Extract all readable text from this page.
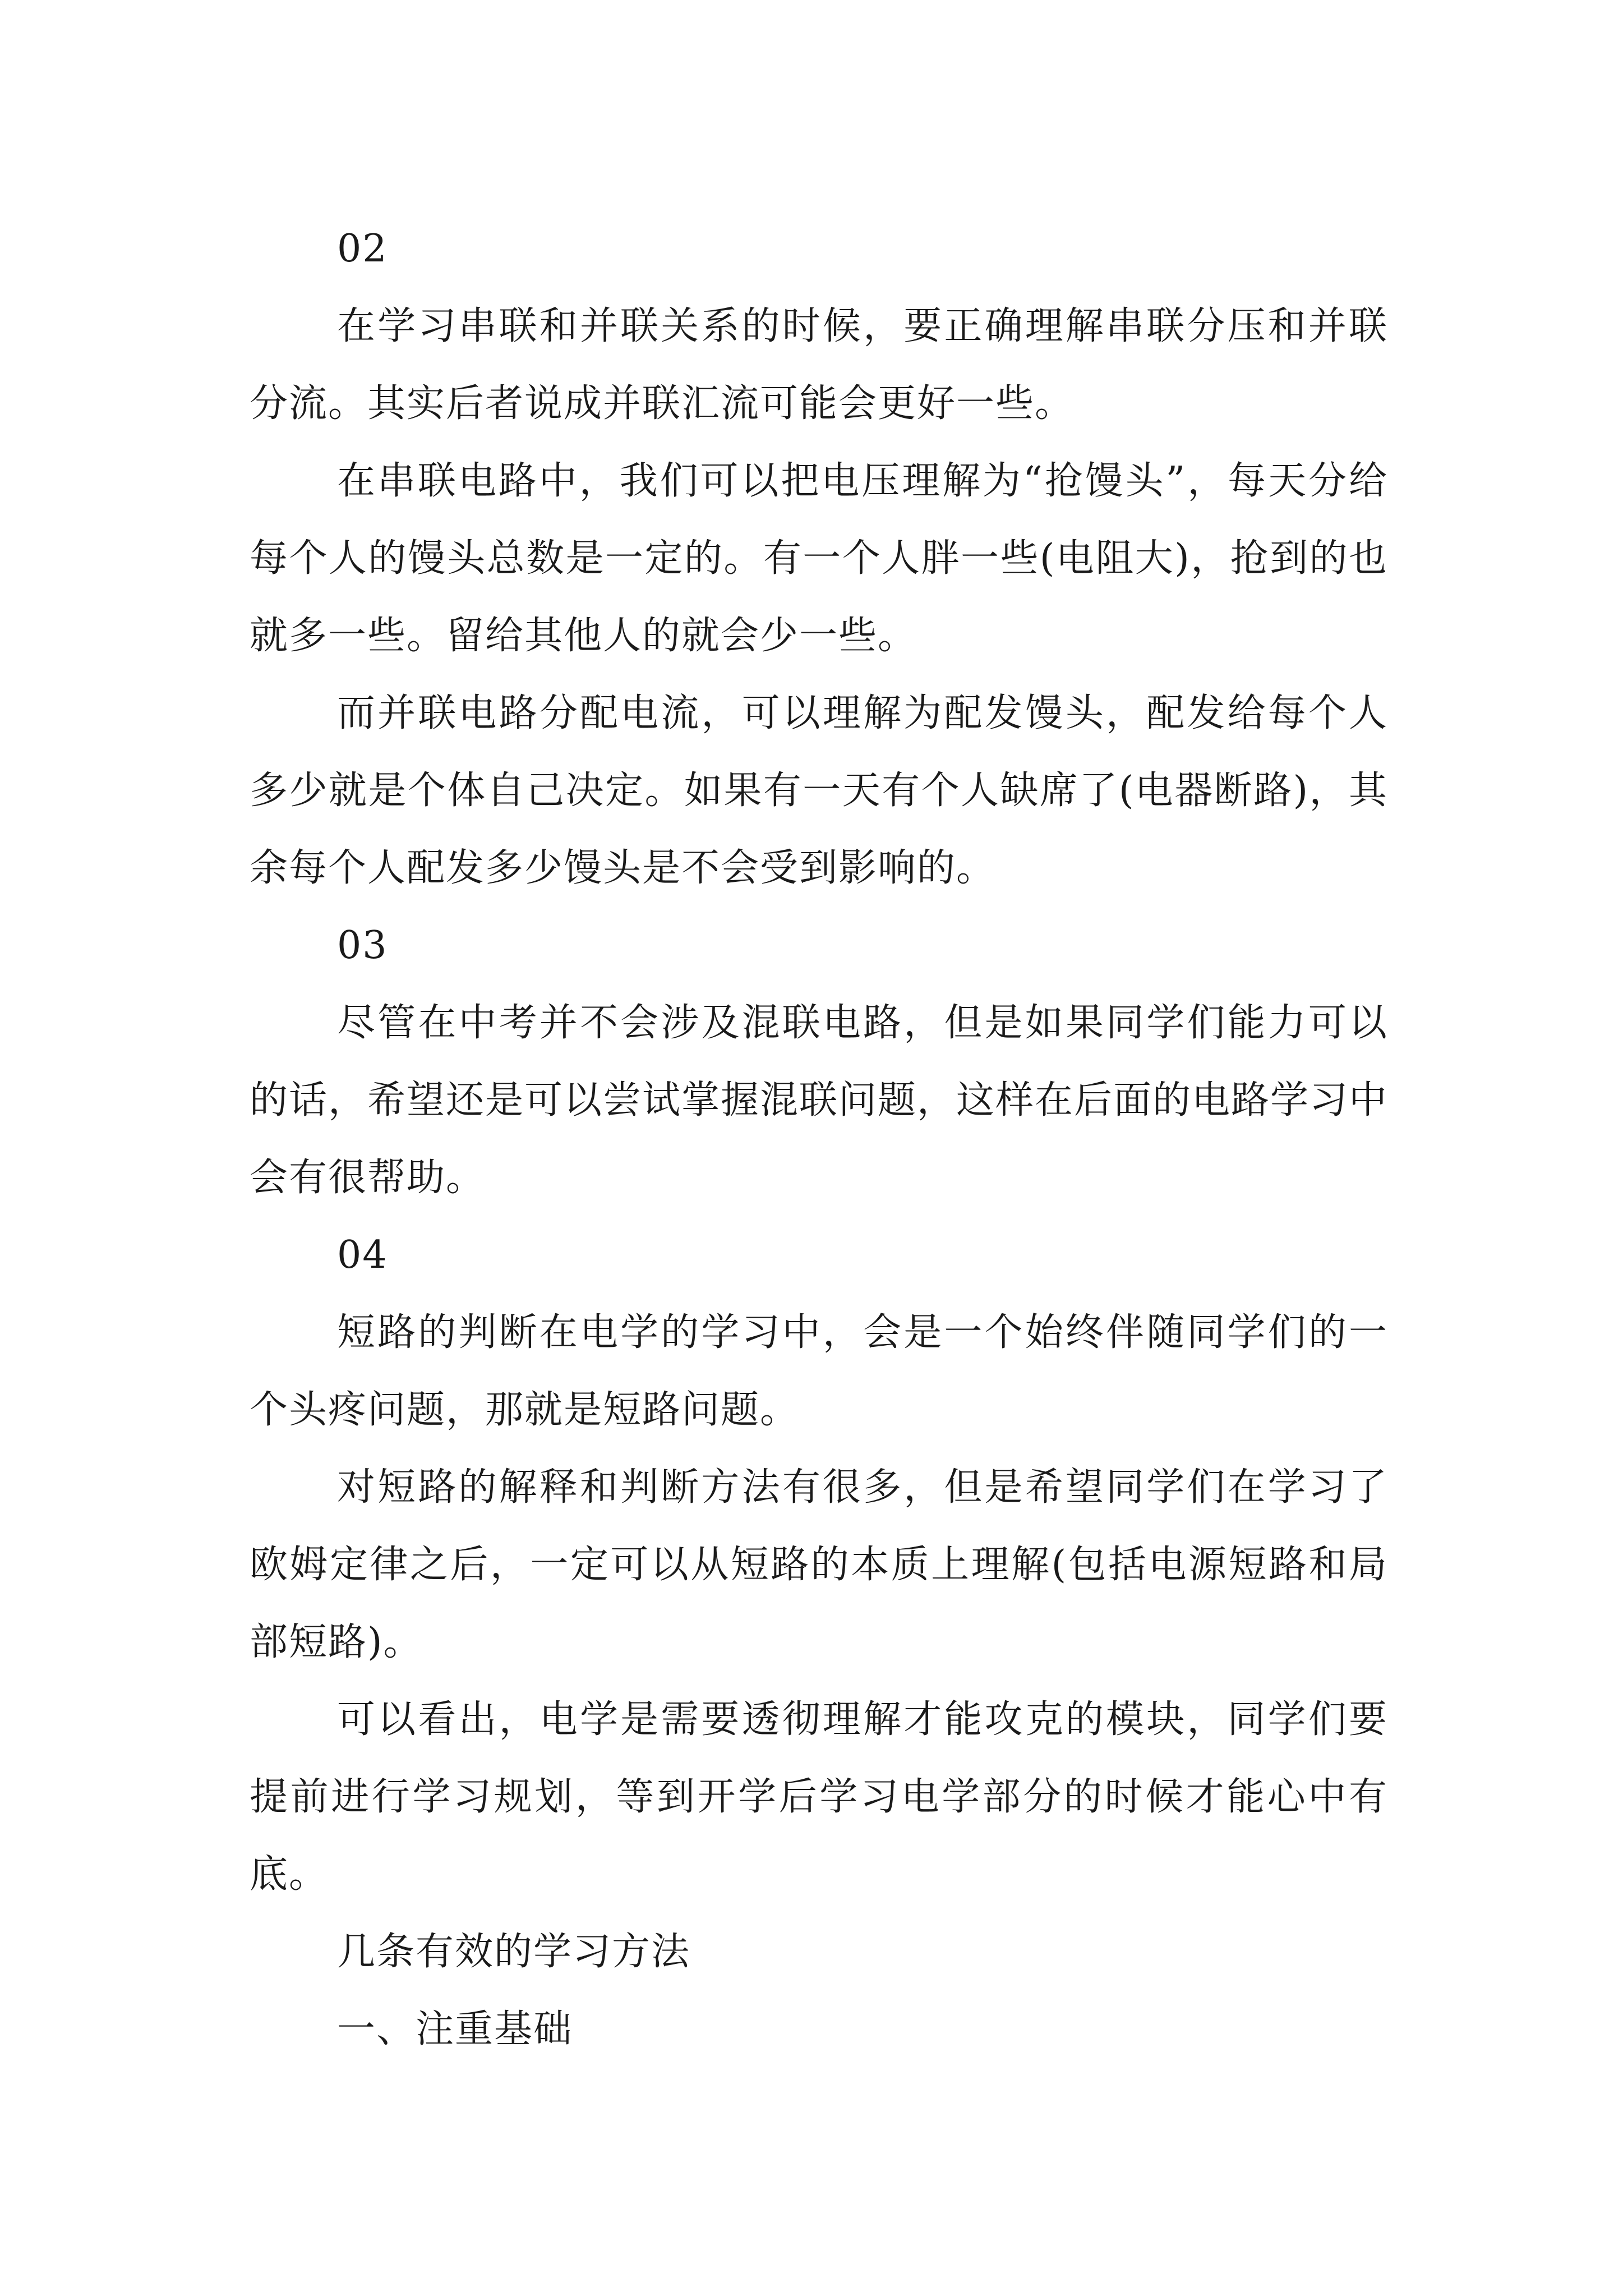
02

在学习串联和并联关系的时候，要正确理解串联分压和并联分流。其实后者说成并联汇流可能会更好一些。

在串联电路中，我们可以把电压理解为“抢馒头”，每天分给每个人的馒头总数是一定的。有一个人胖一些(电阻大)，抢到的也就多一些。留给其他人的就会少一些。

而并联电路分配电流，可以理解为配发馒头，配发给每个人多少就是个体自己决定。如果有一天有个人缺席了(电器断路)，其余每个人配发多少馒头是不会受到影响的。

03

尽管在中考并不会涉及混联电路，但是如果同学们能力可以的话，希望还是可以尝试掌握混联问题，这样在后面的电路学习中会有很帮助。

04

短路的判断在电学的学习中，会是一个始终伴随同学们的一个头疼问题，那就是短路问题。

对短路的解释和判断方法有很多，但是希望同学们在学习了欧姆定律之后，一定可以从短路的本质上理解(包括电源短路和局部短路)。

可以看出，电学是需要透彻理解才能攻克的模块，同学们要提前进行学习规划，等到开学后学习电学部分的时候才能心中有底。

几条有效的学习方法

一、注重基础
